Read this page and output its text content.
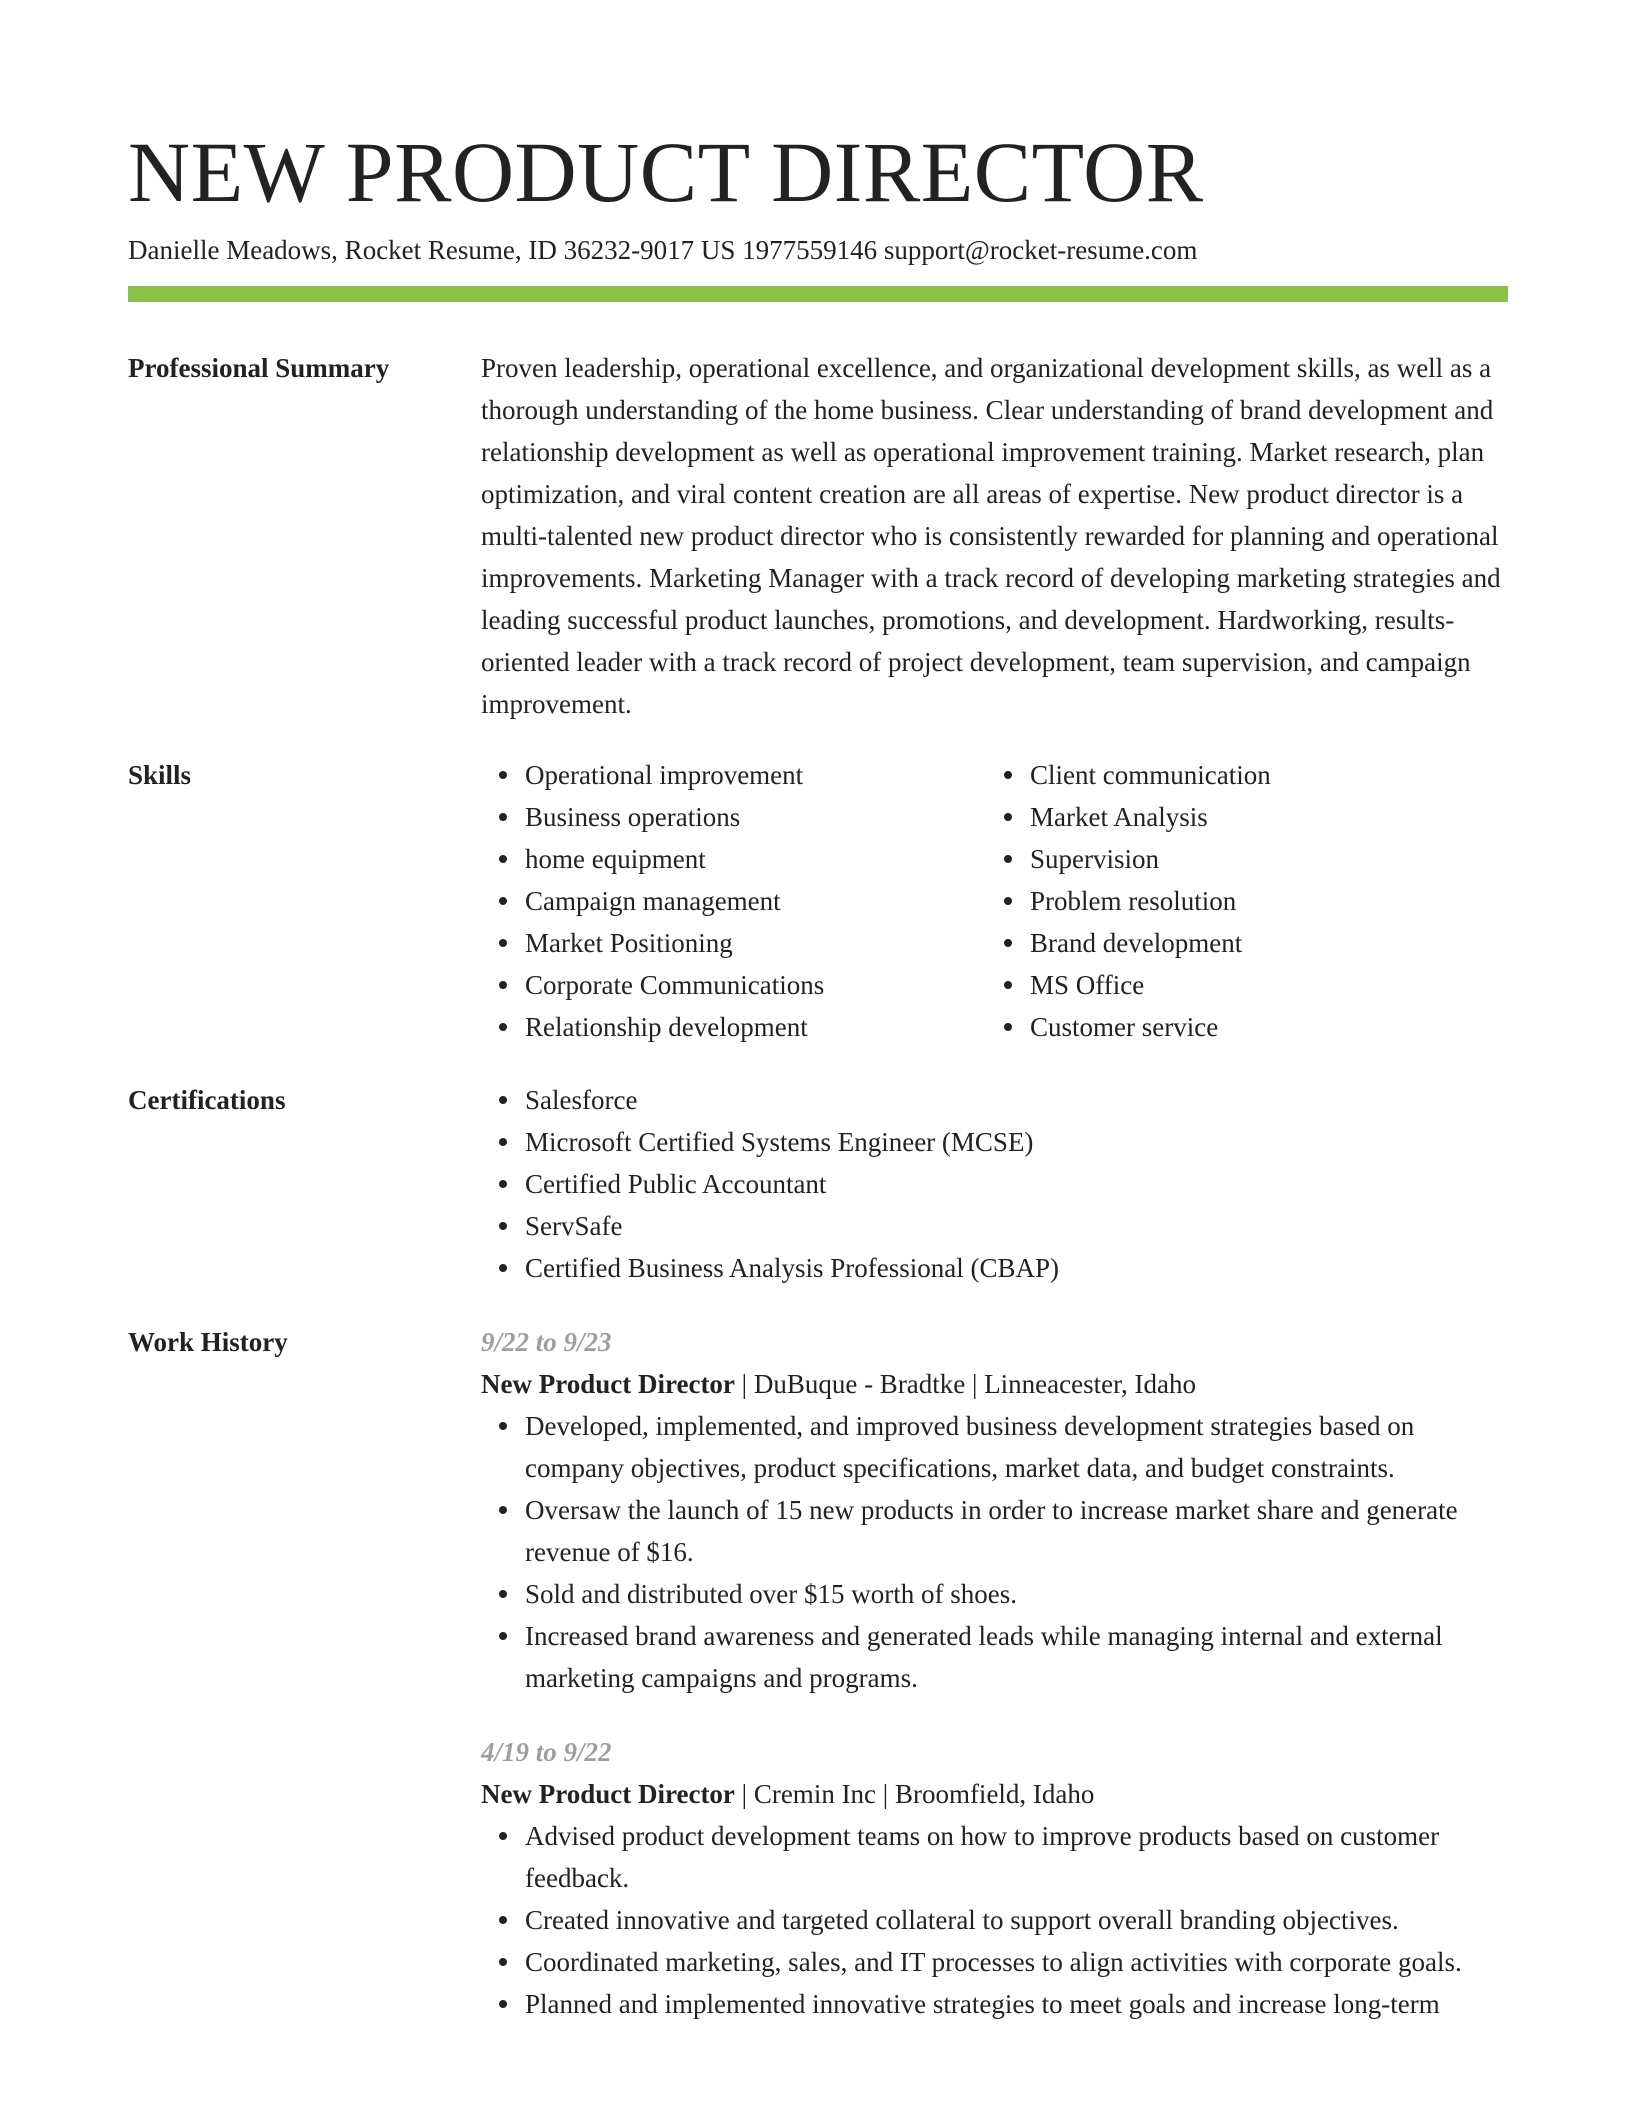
NEW PRODUCT DIRECTOR
Danielle Meadows, Rocket Resume, ID 36232-9017 US 1977559146 support@rocket-resume.com
Professional Summary	Proven leadership, operational excellence, and organizational development skills, as well as a thorough understanding of the home business. Clear understanding of brand development and relationship development as well as operational improvement training. Market research, plan optimization, and viral content creation are all areas of expertise. New product director is a multi-talented new product director who is consistently rewarded for planning and operational improvements. Marketing Manager with a track record of developing marketing strategies and leading successful product launches, promotions, and development. Hardworking, results-oriented leader with a track record of project development, team supervision, and campaign improvement.

Skills	Operational improvement
Business operations
home equipment
Campaign management
Market Positioning
Corporate Communications
Relationship development
Client communication
Market Analysis
Supervision
Problem resolution
Brand development
MS Office
Customer service
Certifications	Salesforce
Microsoft Certified Systems Engineer (MCSE)
Certified Public Accountant
ServSafe
Certified Business Analysis Professional (CBAP)
Work History	9/22 to 9/23
New Product Director | DuBuque - Bradtke | Linneacester, Idaho
Developed, implemented, and improved business development strategies based on company objectives, product specifications, market data, and budget constraints.
Oversaw the launch of 15 new products in order to increase market share and generate revenue of $16.
Sold and distributed over $15 worth of shoes.
Increased brand awareness and generated leads while managing internal and external marketing campaigns and programs.
4/19 to 9/22
New Product Director | Cremin Inc | Broomfield, Idaho
Advised product development teams on how to improve products based on customer feedback.
Created innovative and targeted collateral to support overall branding objectives.
Coordinated marketing, sales, and IT processes to align activities with corporate goals.
Planned and implemented innovative strategies to meet goals and increase long-term
